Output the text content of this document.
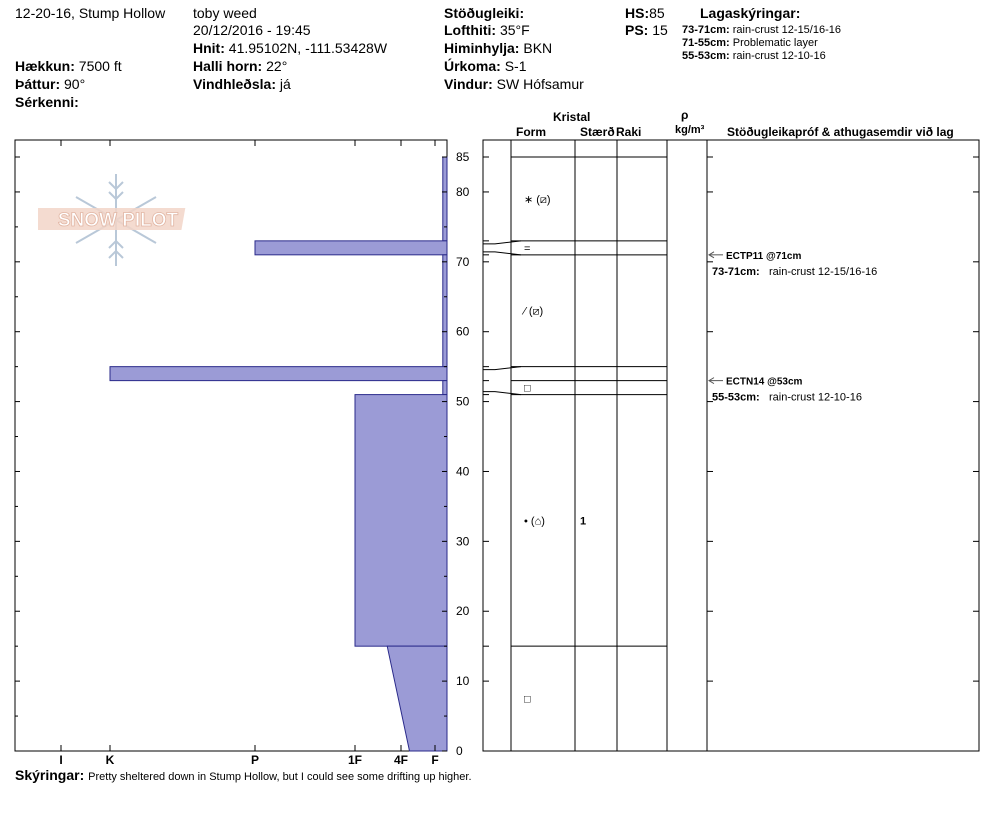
12-20-16, Stump Hollow toby weed
20/12/2016 - 19:45
Hnit: 41.95102N, -111.53428W
Hækkun: 7500 ft	Halli horn: 22°
Þáttur: 90°	Vindhleðsla: já
Sérkenni:
Stöðugleiki:
Lofthiti: 35°F
Himinhylja: BKN
Úrkoma: S-1
Vindur: SW Hófsamur
HS:85
PS: 15
Lagaskýringar:
73-71cm: rain-crust 12-15/16-16
71-55cm: Problematic layer
55-53cm: rain-crust 12-10-16
Kristal
Form	Stærð Raki
ρ
kg/m³ Stöðugleikapróf & athugasemdir við lag
SNOW PILOT
0
10
20
30
40
50
60
70
80
85
F
4F
1F
P
K
I
∗ (⧄)
=
⁄ (⧄)
□
• (⌂)	1
□
ECTP11 @71cm
73-71cm: rain-crust 12-15/16-16
ECTN14 @53cm
55-53cm: rain-crust 12-10-16
Skýringar: Pretty sheltered down in Stump Hollow, but I could see some drifting up higher.
